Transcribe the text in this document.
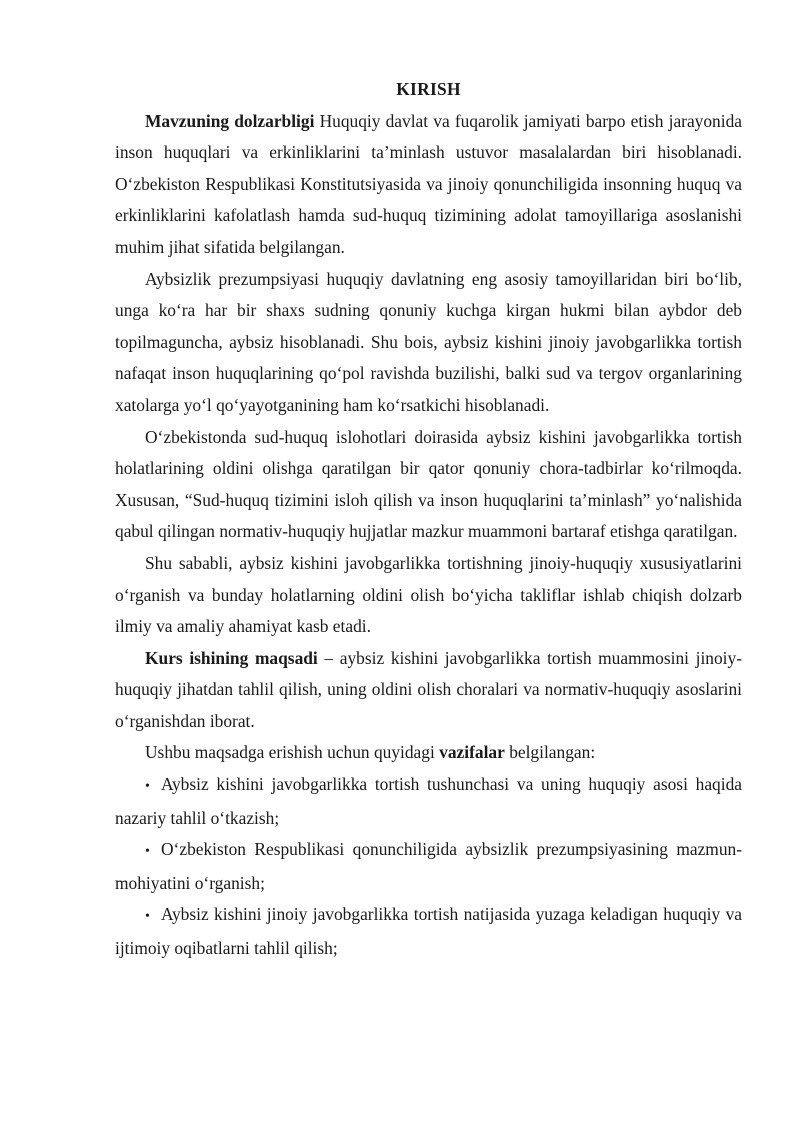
KIRISH

Mavzuning dolzarbligi Huquqiy davlat va fuqarolik jamiyati barpo etish jarayonida inson huquqlari va erkinliklarini ta’minlash ustuvor masalalardan biri hisoblanadi. O‘zbekiston Respublikasi Konstitutsiyasida va jinoiy qonunchiligida insonning huquq va erkinliklarini kafolatlash hamda sud-huquq tizimining adolat tamoyillariga asoslanishi muhim jihat sifatida belgilangan.

Aybsizlik prezumpsiyasi huquqiy davlatning eng asosiy tamoyillaridan biri bo‘lib, unga ko‘ra har bir shaxs sudning qonuniy kuchga kirgan hukmi bilan aybdor deb topilmaguncha, aybsiz hisoblanadi. Shu bois, aybsiz kishini jinoiy javobgarlikka tortish nafaqat inson huquqlarining qo‘pol ravishda buzilishi, balki sud va tergov organlarining xatolarga yo‘l qo‘yayotganining ham ko‘rsatkichi hisoblanadi.

O‘zbekistonda sud-huquq islohotlari doirasida aybsiz kishini javobgarlikka tortish holatlarining oldini olishga qaratilgan bir qator qonuniy chora-tadbirlar ko‘rilmoqda. Xususan, “Sud-huquq tizimini isloh qilish va inson huquqlarini ta’minlash” yo‘nalishida qabul qilingan normativ-huquqiy hujjatlar mazkur muammoni bartaraf etishga qaratilgan.

Shu sababli, aybsiz kishini javobgarlikka tortishning jinoiy-huquqiy xususiyatlarini o‘rganish va bunday holatlarning oldini olish bo‘yicha takliflar ishlab chiqish dolzarb ilmiy va amaliy ahamiyat kasb etadi.

Kurs ishining maqsadi – aybsiz kishini javobgarlikka tortish muammosini jinoiy-huquqiy jihatdan tahlil qilish, uning oldini olish choralari va normativ-huquqiy asoslarini o‘rganishdan iborat.

Ushbu maqsadga erishish uchun quyidagi vazifalar belgilangan:

• Aybsiz kishini javobgarlikka tortish tushunchasi va uning huquqiy asosi haqida nazariy tahlil o‘tkazish;

• O‘zbekiston Respublikasi qonunchiligida aybsizlik prezumpsiyasining mazmun-mohiyatini o‘rganish;

• Aybsiz kishini jinoiy javobgarlikka tortish natijasida yuzaga keladigan huquqiy va ijtimoiy oqibatlarni tahlil qilish;
